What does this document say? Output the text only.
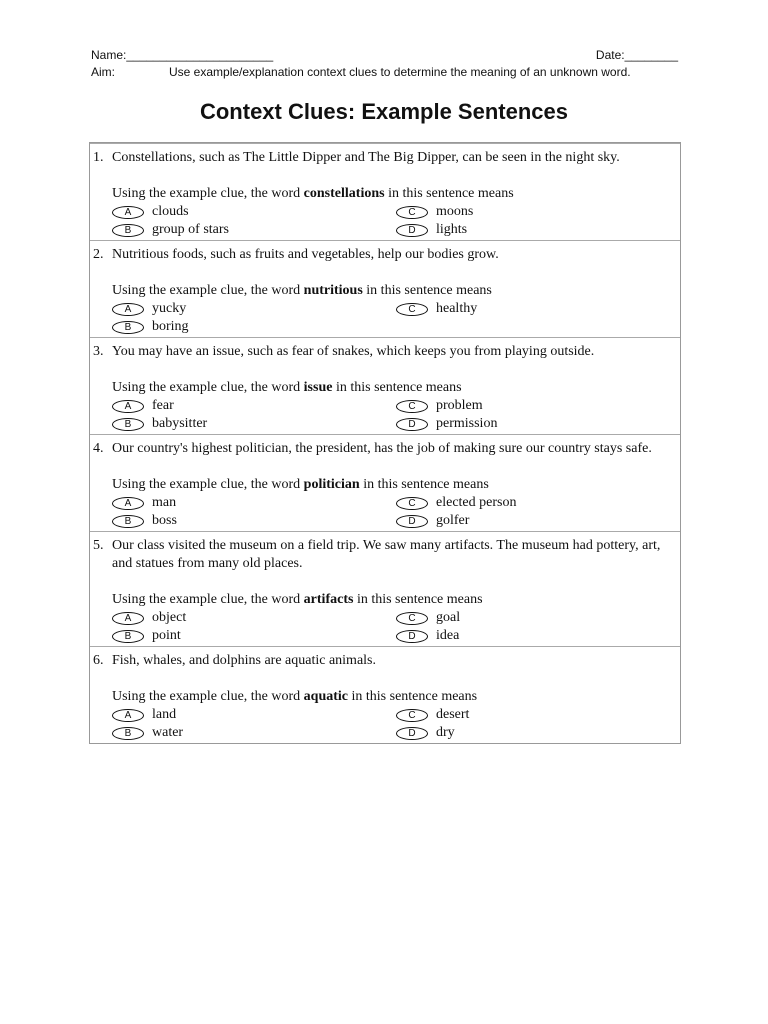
Name:______________________	Date:________
Aim:	Use example/explanation context clues to determine the meaning of an unknown word.
Context Clues: Example Sentences
1. Constellations, such as The Little Dipper and The Big Dipper, can be seen in the night sky.
Using the example clue, the word constellations in this sentence means
A	clouds	C	moons
B	group of stars	D	lights
2. Nutritious foods, such as fruits and vegetables, help our bodies grow.
Using the example clue, the word nutritious in this sentence means
A	yucky	C	healthy
B	boring
3. You may have an issue, such as fear of snakes, which keeps you from playing outside.
Using the example clue, the word issue in this sentence means
A	fear	C	problem
B	babysitter	D	permission
4. Our country's highest politician, the president, has the job of making sure our country stays safe.
Using the example clue, the word politician in this sentence means
A	man	C	elected person
B	boss	D	golfer
5. Our class visited the museum on a field trip. We saw many artifacts. The museum had pottery, art, and statues from many old places.
Using the example clue, the word artifacts in this sentence means
A	object	C	goal
B	point	D	idea
6. Fish, whales, and dolphins are aquatic animals.
Using the example clue, the word aquatic in this sentence means
A	land	C	desert
B	water	D	dry
